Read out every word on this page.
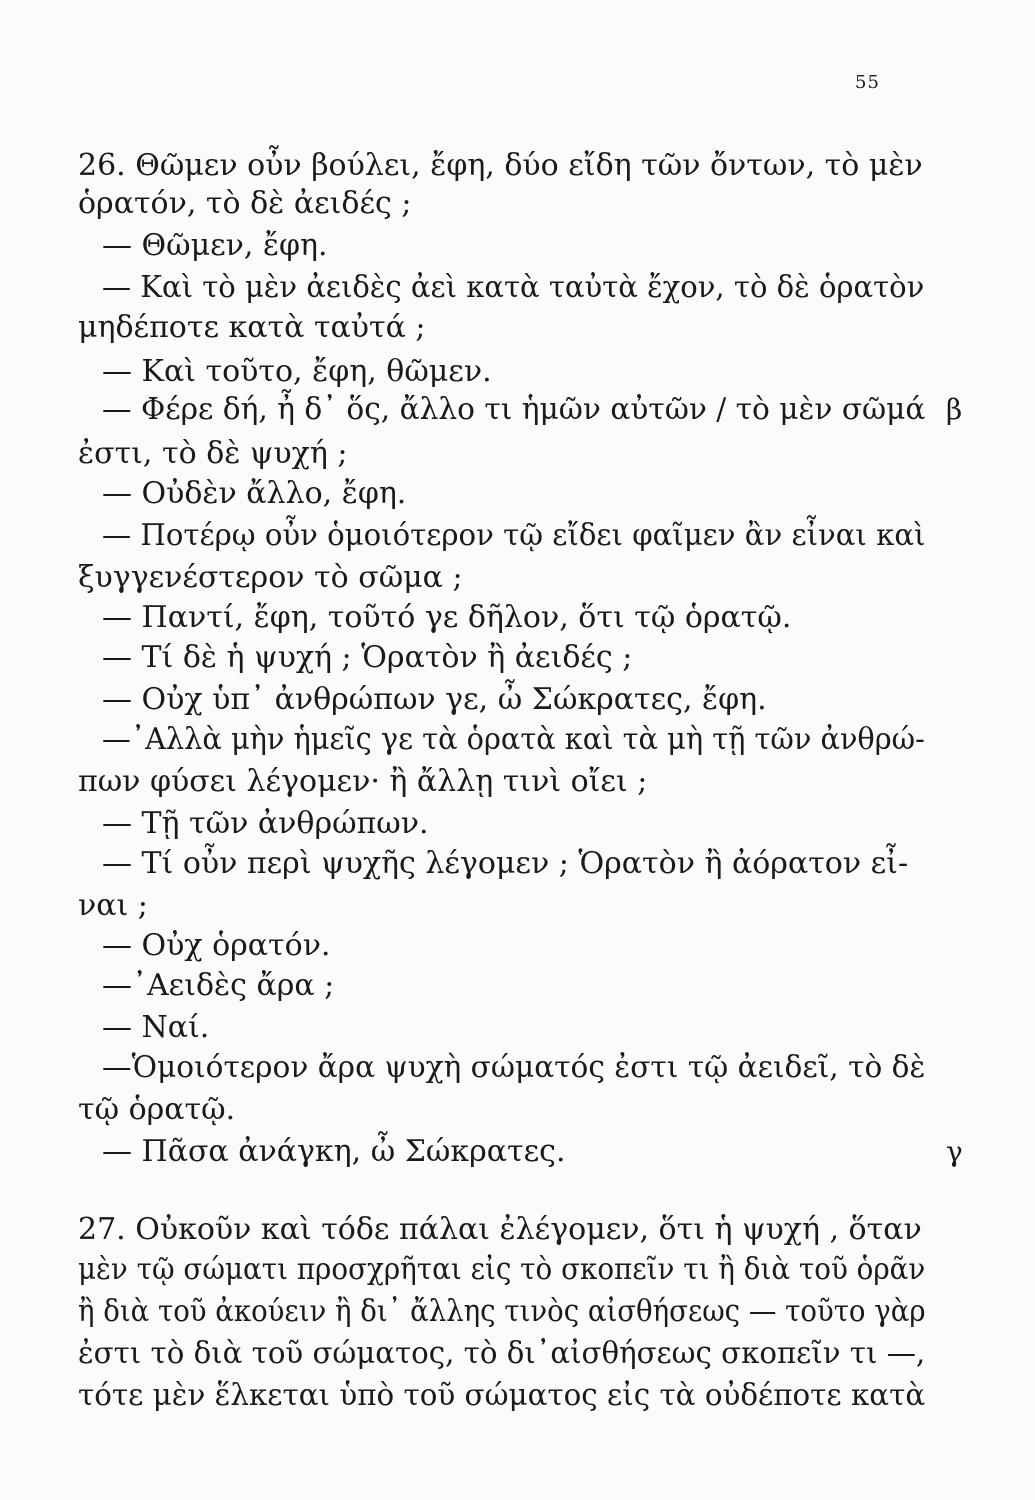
55
26. Θῶμεν οὖν βούλει, ἔφη, δύο εἴδη τῶν ὄντων, τὸ μὲν
ὁρατόν, τὸ δὲ ἀειδές ;
— Θῶμεν, ἔφη.
— Καὶ τὸ μὲν ἀειδὲς ἀεὶ κατὰ ταὐτὰ ἔχον, τὸ δὲ ὁρατὸν
μηδέποτε κατὰ ταὐτά ;
— Καὶ τοῦτο, ἔφη, θῶμεν.
— Φέρε δή, ἦ δ᾽ ὅς, ἄλλο τι ἡμῶν αὐτῶν / τὸ μὲν σῶμά
ἐστι, τὸ δὲ ψυχή ;
— Οὐδὲν ἄλλο, ἔφη.
— Ποτέρῳ οὖν ὁμοιότερον τῷ εἴδει φαῖμεν ἂν εἶναι καὶ
ξυγγενέστερον τὸ σῶμα ;
— Παντί, ἔφη, τοῦτό γε δῆλον, ὅτι τῷ ὁρατῷ.
— Τί δὲ ἡ ψυχή ; Ὁρατὸν ἢ ἀειδές ;
— Οὐχ ὑπ᾽ ἀνθρώπων γε, ὦ Σώκρατες, ἔφη.
—᾽Αλλὰ μὴν ἡμεῖς γε τὰ ὁρατὰ καὶ τὰ μὴ τῇ τῶν ἀνθρώ-
πων φύσει λέγομεν· ἢ ἄλλῃ τινὶ οἴει ;
— Τῇ τῶν ἀνθρώπων.
— Τί οὖν περὶ ψυχῆς λέγομεν ; Ὁρατὸν ἢ ἀόρατον εἶ-
ναι ;
— Οὐχ ὁρατόν.
—᾽Αειδὲς ἄρα ;
— Ναί.
—Ὁμοιότερον ἄρα ψυχὴ σώματός ἐστι τῷ ἀειδεῖ, τὸ δὲ
τῷ ὁρατῷ.
— Πᾶσα ἀνάγκη, ὦ Σώκρατες.
27. Οὐκοῦν καὶ τόδε πάλαι ἐλέγομεν, ὅτι ἡ ψυχή , ὅταν
μὲν τῷ σώματι προσχρῆται εἰς τὸ σκοπεῖν τι ἢ διὰ τοῦ ὁρᾶν
ἢ διὰ τοῦ ἀκούειν ἢ δι᾽ ἄλλης τινὸς αἰσθήσεως — τοῦτο γὰρ
ἐστι τὸ διὰ τοῦ σώματος, τὸ δι᾽αἰσθήσεως σκοπεῖν τι —,
τότε μὲν ἕλκεται ὑπὸ τοῦ σώματος εἰς τὰ οὐδέποτε κατὰ
β
γ
